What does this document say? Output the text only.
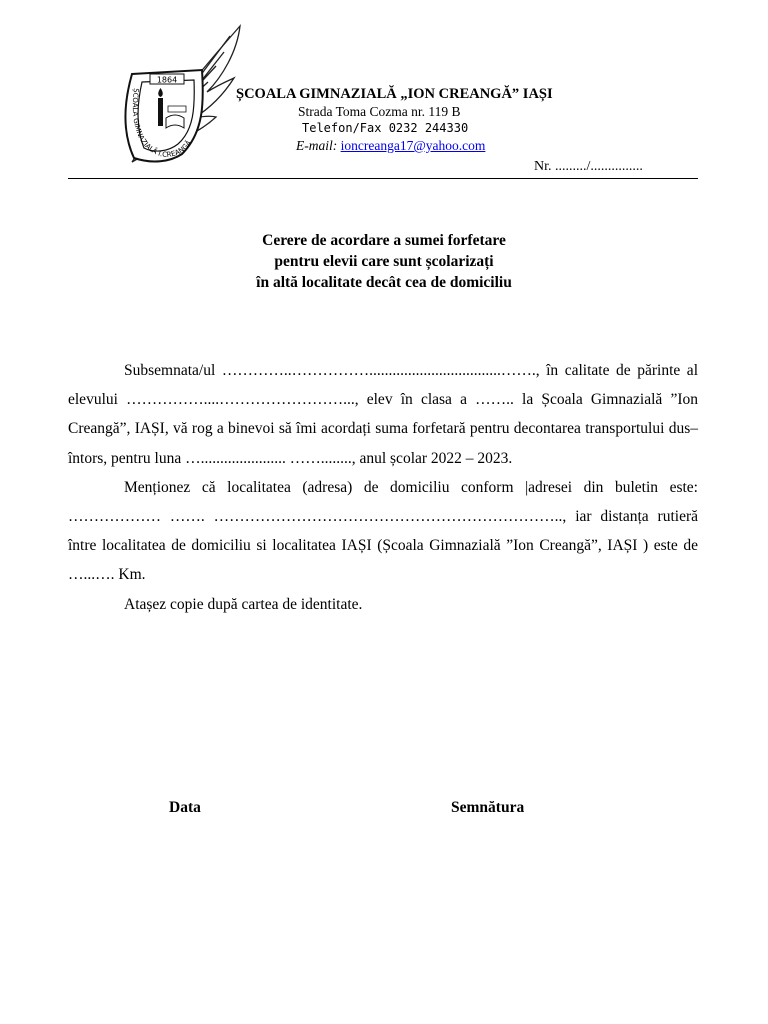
1864
ȘCOALA GIMNAZIALĂ I.CREANGĂ
ȘCOALA GIMNAZIALĂ „ION CREANGĂ” IAȘI
Strada Toma Cozma nr. 119 B
Telefon/Fax 0232 244330
E-mail: ioncreanga17@yahoo.com
Nr. ........./...............
Cerere de acordare a sumei forfetare
pentru elevii care sunt școlarizați
în altă localitate decât cea de domiciliu

Subsemnata/ul …………..……………..................................……., în calitate de părinte al elevului ……………....……………………..., elev în clasa a …….. la Școala Gimnazială ”Ion Creangă”, IAȘI, vă rog a binevoi să îmi acordați suma forfetară pentru decontarea transportului dus–întors, pentru luna …...................... ……........, anul școlar 2022 – 2023.

Menționez că localitatea (adresa) de domiciliu conform |adresei din buletin este: ……………… ……. ………………………………………………………….., iar distanța rutieră între localitatea de domiciliu si localitatea IAȘI (Școala Gimnazială ”Ion Creangă”, IAȘI ) este de …...…. Km.

Atașez copie după cartea de identitate.

Data	Semnătura
